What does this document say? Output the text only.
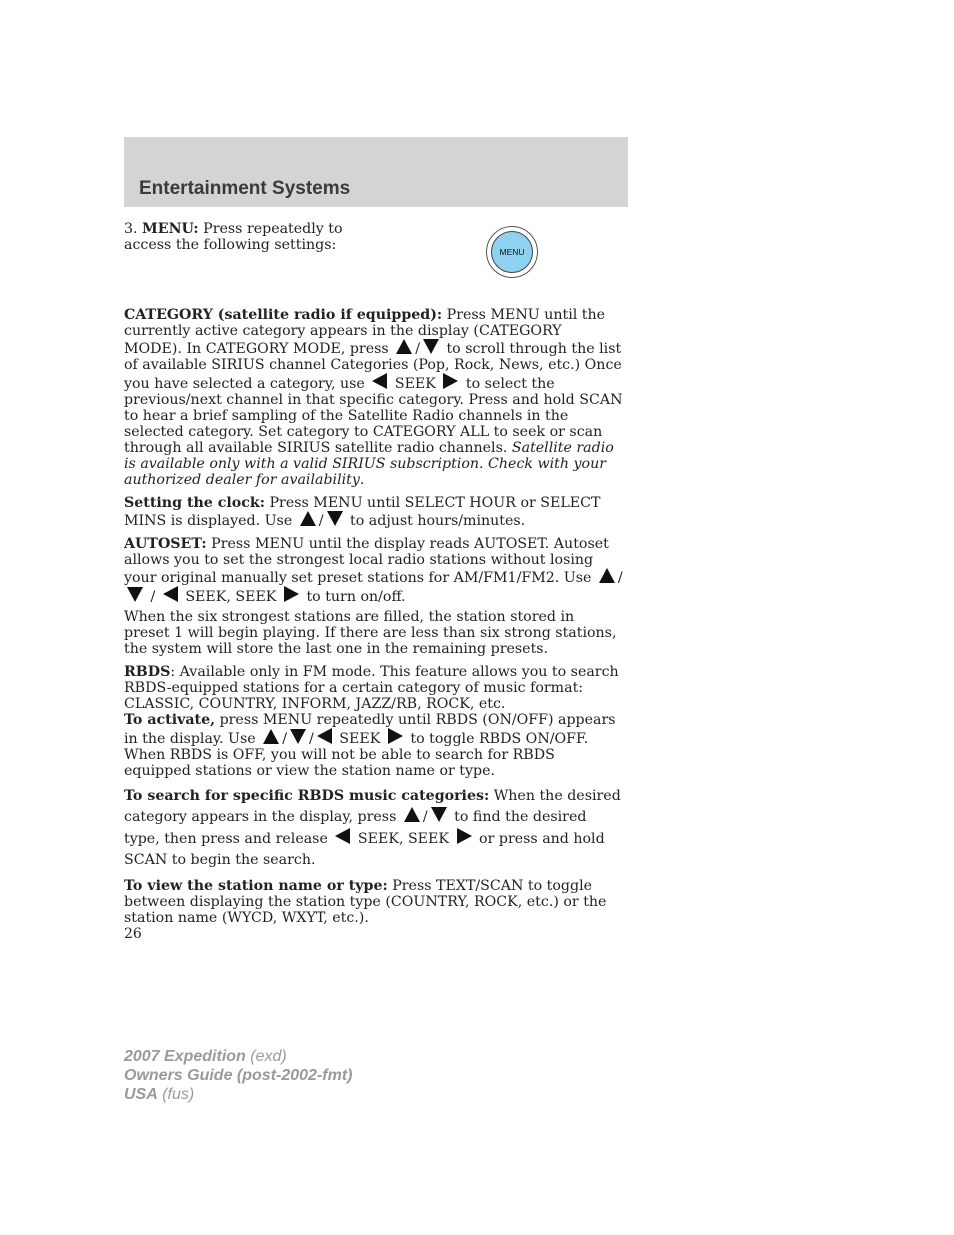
Entertainment Systems
MENU

3. MENU: Press repeatedly to access the following settings:

CATEGORY (satellite radio if equipped): Press MENU until the currently active category appears in the display (CATEGORY MODE). In CATEGORY MODE, press / to scroll through the list of available SIRIUS channel Categories (Pop, Rock, News, etc.) Once you have selected a category, use SEEK  to select the previous/next channel in that specific category. Press and hold SCAN to hear a brief sampling of the Satellite Radio channels in the selected category. Set category to CATEGORY ALL to seek or scan through all available SIRIUS satellite radio channels. Satellite radio is available only with a valid SIRIUS subscription. Check with your authorized dealer for availability.

Setting the clock: Press MENU until SELECT HOUR or SELECT MINS is displayed. Use / to adjust hours/minutes.

AUTOSET: Press MENU until the display reads AUTOSET. Autoset allows you to set the strongest local radio stations without losing your original manually set preset stations for AM/FM1/FM2. Use / /  SEEK, SEEK  to turn on/off.

When the six strongest stations are filled, the station stored in preset 1 will begin playing. If there are less than six strong stations, the system will store the last one in the remaining presets.

RBDS: Available only in FM mode. This feature allows you to search RBDS-equipped stations for a certain category of music format: CLASSIC, COUNTRY, INFORM, JAZZ/RB, ROCK, etc.

To activate, press MENU repeatedly until RBDS (ON/OFF) appears in the display. Use / / SEEK  to toggle RBDS ON/OFF. When RBDS is OFF, you will not be able to search for RBDS equipped stations or view the station name or type.

To search for specific RBDS music categories: When the desired category appears in the display, press / to find the desired type, then press and release SEEK, SEEK  or press and hold SCAN to begin the search.

To view the station name or type: Press TEXT/SCAN to toggle between displaying the station type (COUNTRY, ROCK, etc.) or the station name (WYCD, WXYT, etc.).

26
2007 Expedition (exd)
Owners Guide (post-2002-fmt)
USA (fus)
